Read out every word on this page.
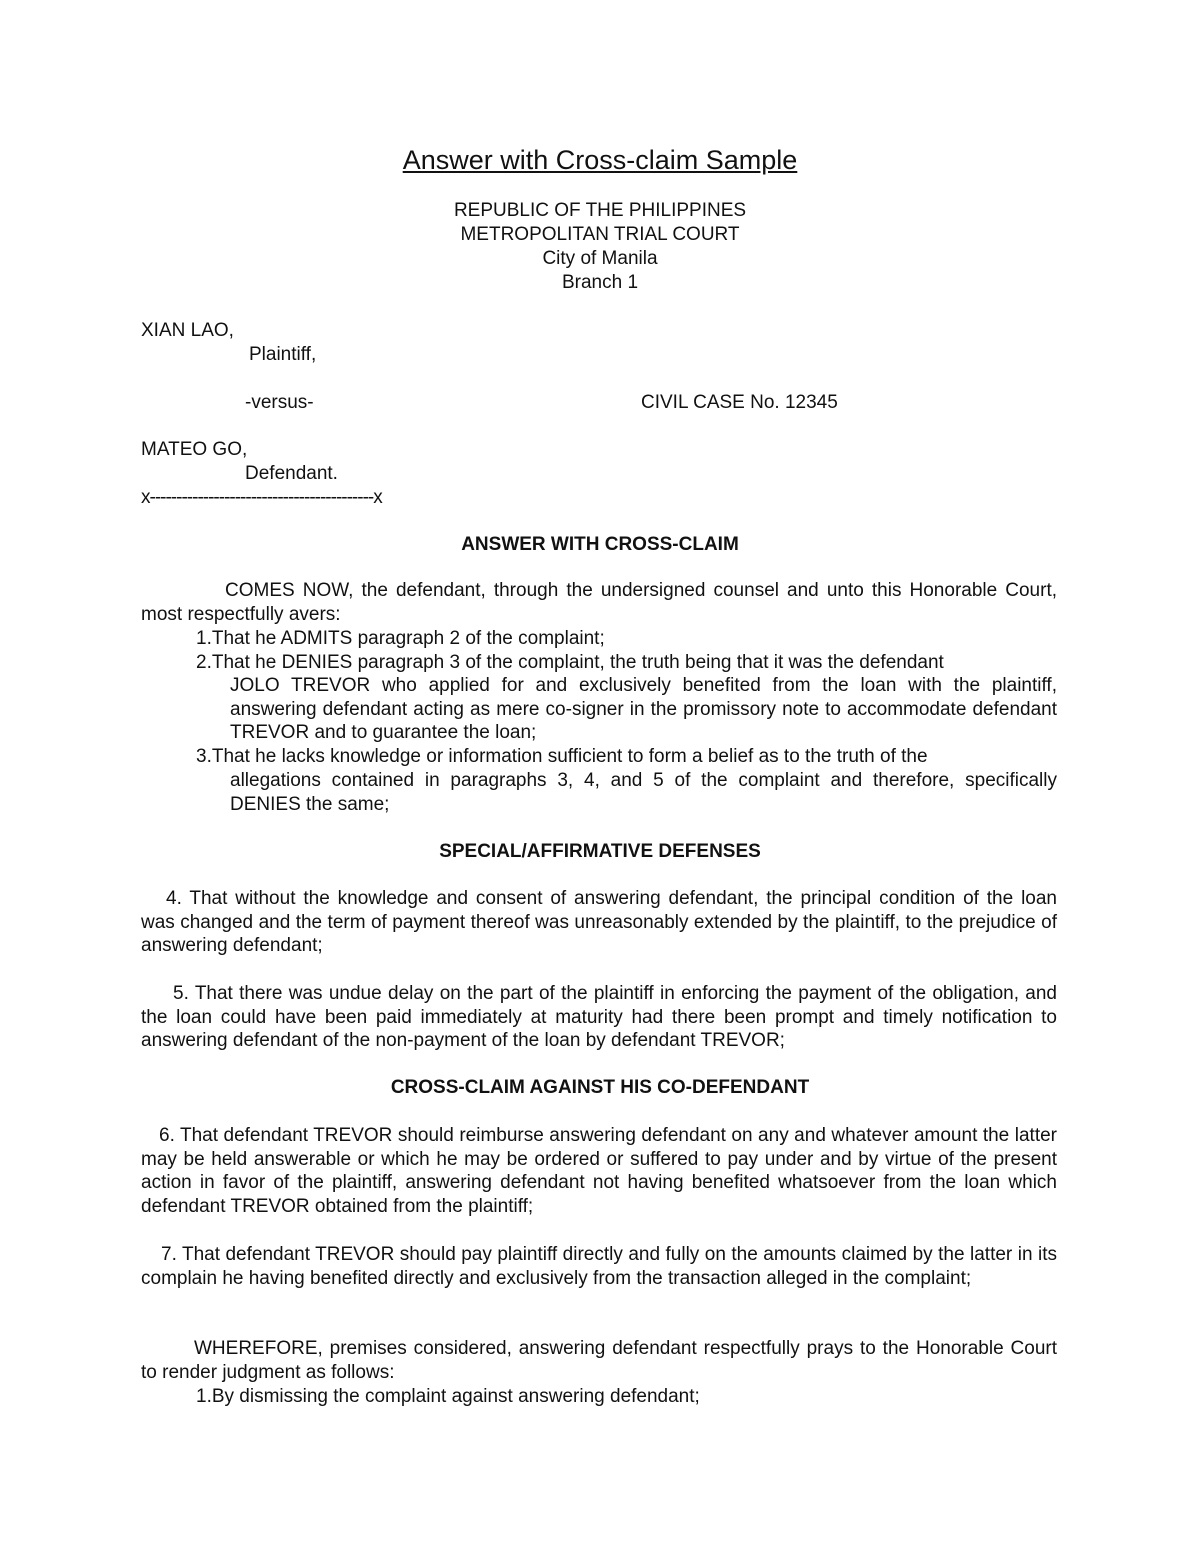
Answer with Cross-claim Sample
REPUBLIC OF THE PHILIPPINES
METROPOLITAN TRIAL COURT
City of Manila
Branch 1
XIAN LAO,
Plaintiff,
-versus-	CIVIL CASE No. 12345
MATEO GO,
Defendant.
x------------------------------------------x
ANSWER WITH CROSS-CLAIM
COMES NOW, the defendant, through the undersigned counsel and unto this Honorable Court, most respectfully avers:
1.That he ADMITS paragraph 2 of the complaint;
2.That he DENIES paragraph 3 of the complaint, the truth being that it was the defendant
JOLO TREVOR who applied for and exclusively benefited from the loan with the plaintiff, answering defendant acting as mere co-signer in the promissory note to accommodate defendant TREVOR and to guarantee the loan;
3.That he lacks knowledge or information sufficient to form a belief as to the truth of the
allegations contained in paragraphs 3, 4, and 5 of the complaint and therefore, specifically DENIES the same;
SPECIAL/AFFIRMATIVE DEFENSES
4. That without the knowledge and consent of answering defendant, the principal condition of the loan was changed and the term of payment thereof was unreasonably extended by the plaintiff, to the prejudice of answering defendant;
5. That there was undue delay on the part of the plaintiff in enforcing the payment of the obligation, and the loan could have been paid immediately at maturity had there been prompt and timely notification to answering defendant of the non-payment of the loan by defendant TREVOR;
CROSS-CLAIM AGAINST HIS CO-DEFENDANT
6. That defendant TREVOR should reimburse answering defendant on any and whatever amount the latter may be held answerable or which he may be ordered or suffered to pay under and by virtue of the present action in favor of the plaintiff, answering defendant not having benefited whatsoever from the loan which defendant TREVOR obtained from the plaintiff;
7. That defendant TREVOR should pay plaintiff directly and fully on the amounts claimed by the latter in its complain he having benefited directly and exclusively from the transaction alleged in the complaint;
WHEREFORE, premises considered, answering defendant respectfully prays to the Honorable Court to render judgment as follows:
1.By dismissing the complaint against answering defendant;
